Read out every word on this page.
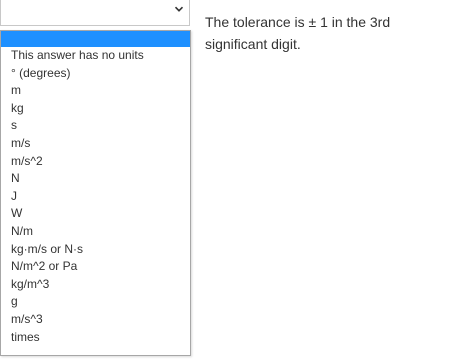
This answer has no units
° (degrees)
m
kg
s
m/s
m/s^2
N
J
W
N/m
kg·m/s or N·s
N/m^2 or Pa
kg/m^3
g
m/s^3
times
The tolerance is ± 1 in the 3rd significant digit.
